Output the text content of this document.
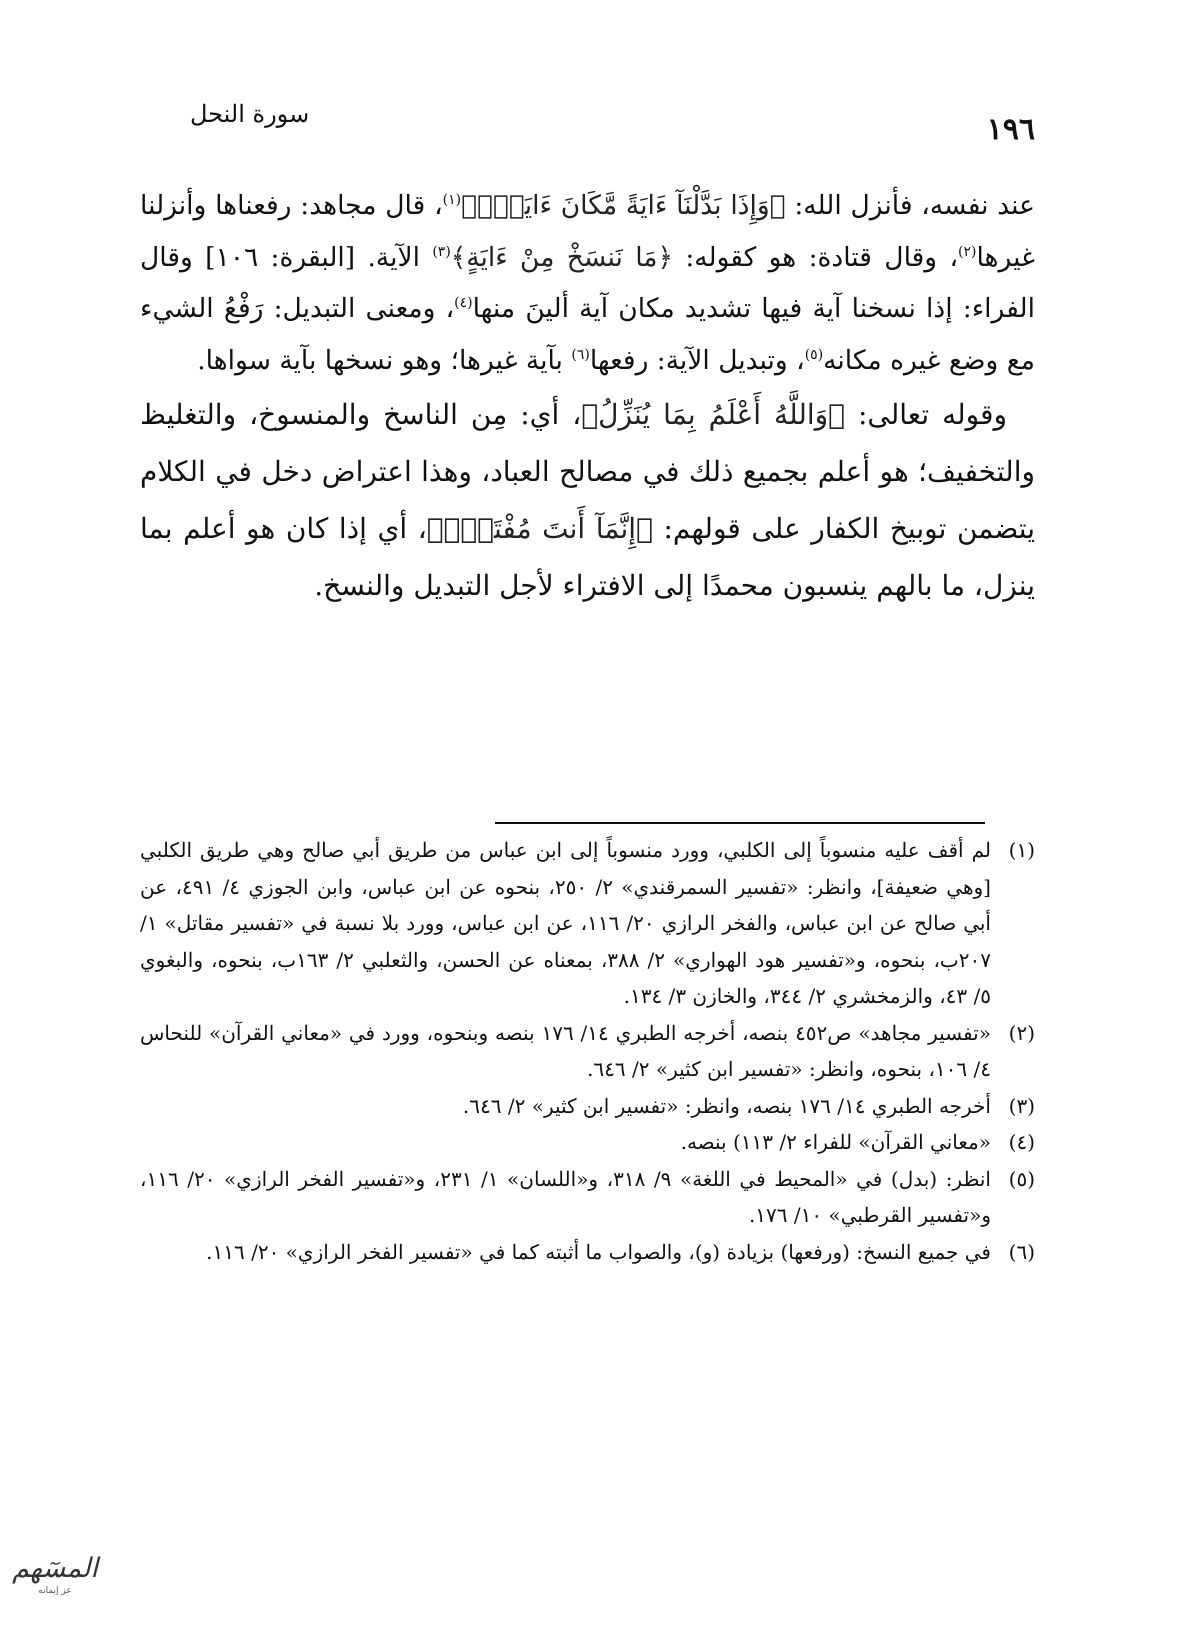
١٩٦
سورة النحل

عند نفسه، فأنزل الله: ﴿وَإِذَا بَدَّلْنَآ ءَايَةً مَّكَانَ ءَايَةٍۙ﴾$^{(١)}$، قال مجاهد: رفعناها وأنزلنا غيرها$^{(٢)}$، وقال قتادة: هو كقوله: ﴿مَا نَنسَخْ مِنْ ءَايَةٍ﴾$^{(٣)}$ الآية. [البقرة: ١٠٦] وقال الفراء: إذا نسخنا آية فيها تشديد مكان آية ألينَ منها$^{(٤)}$، ومعنى التبديل: رَفْعُ الشيء مع وضع غيره مكانه$^{(٥)}$، وتبديل الآية: رفعها$^{(٦)}$ بآية غيرها؛ وهو نسخها بآية سواها.

وقوله تعالى: ﴿وَاللَّهُ أَعْلَمُ بِمَا يُنَزِّلُ﴾، أي: مِن الناسخ والمنسوخ، والتغليظ والتخفيف؛ هو أعلم بجميع ذلك في مصالح العباد، وهذا اعتراض دخل في الكلام يتضمن توبيخ الكفار على قولهم: ﴿إِنَّمَآ أَنتَ مُفْتَرٍۭ﴾، أي إذا كان هو أعلم بما ينزل، ما بالهم ينسبون محمدًا إلى الافتراء لأجل التبديل والنسخ.

(١)
لم أقف عليه منسوباً إلى الكلبي، وورد منسوباً إلى ابن عباس من طريق أبي صالح وهي طريق الكلبي [وهي ضعيفة]، وانظر: «تفسير السمرقندي» ٢/ ٢٥٠، بنحوه عن ابن عباس، وابن الجوزي ٤/ ٤٩١، عن أبي صالح عن ابن عباس، والفخر الرازي ٢٠/ ١١٦، عن ابن عباس، وورد بلا نسبة في «تفسير مقاتل» ١/ ٢٠٧ب، بنحوه، و«تفسير هود الهواري» ٢/ ٣٨٨، بمعناه عن الحسن، والثعلبي ٢/ ١٦٣ب، بنحوه، والبغوي ٥/ ٤٣، والزمخشري ٢/ ٣٤٤، والخازن ٣/ ١٣٤.
(٢)
«تفسير مجاهد» ص٤٥٢ بنصه، أخرجه الطبري ١٤/ ١٧٦ بنصه وبنحوه، وورد في «معاني القرآن» للنحاس ٤/ ١٠٦، بنحوه، وانظر: «تفسير ابن كثير» ٢/ ٦٤٦.
(٣)
أخرجه الطبري ١٤/ ١٧٦ بنصه، وانظر: «تفسير ابن كثير» ٢/ ٦٤٦.
(٤)
«معاني القرآن» للفراء ٢/ ١١٣) بنصه.
(٥)
انظر: (بدل) في «المحيط في اللغة» ٩/ ٣١٨، و«اللسان» ١/ ٢٣١، و«تفسير الفخر الرازي» ٢٠/ ١١٦، و«تفسير القرطبي» ١٠/ ١٧٦.
(٦)
في جميع النسخ: (ورفعها) بزيادة (و)، والصواب ما أثبته كما في «تفسير الفخر الرازي» ٢٠/ ١١٦.
المسٓهم
عز إيمانه
